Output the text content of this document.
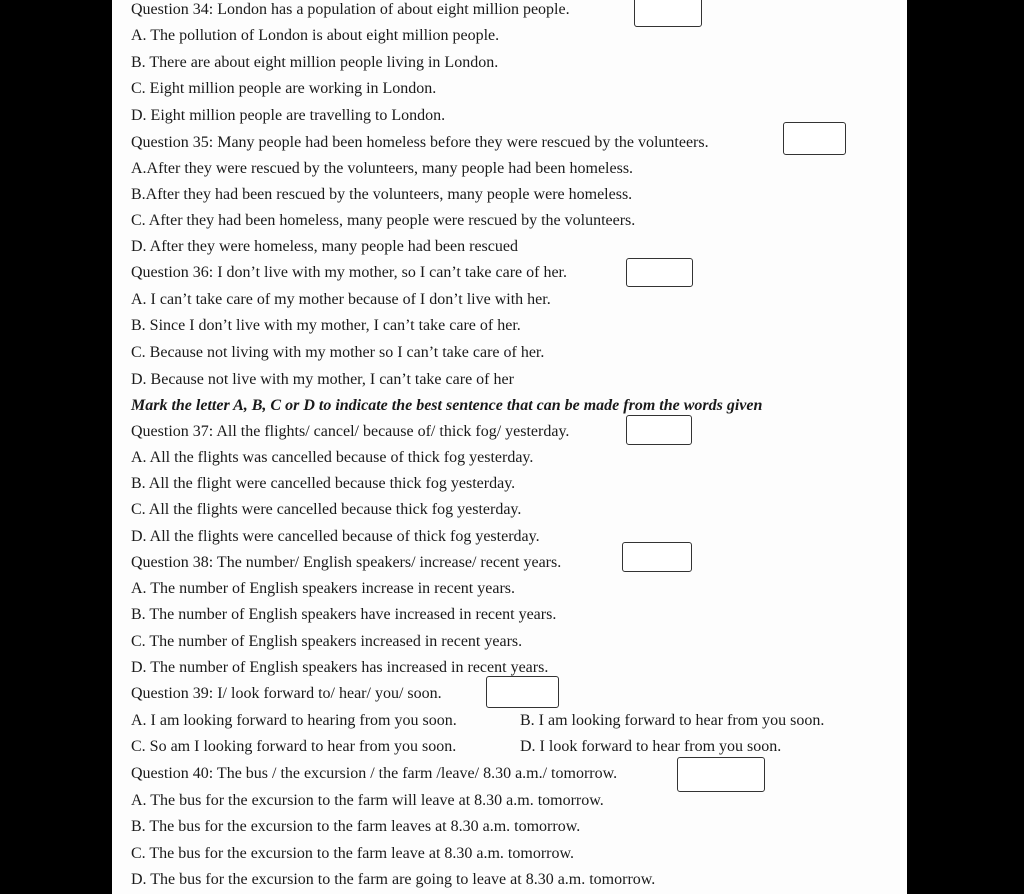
Question 34: London has a population of about eight million people.
A. The pollution of London is about eight million people.
B. There are about eight million people living in London.
C. Eight million people are working in London.
D. Eight million people are travelling to London.
Question 35: Many people had been homeless before they were rescued by the volunteers.
A.After they were rescued by the volunteers, many people had been homeless.
B.After they had been rescued by the volunteers, many people were homeless.
C. After they had been homeless, many people were rescued by the volunteers.
D. After they were homeless, many people had been rescued
Question 36: I don’t live with my mother, so I can’t take care of her.
A. I can’t take care of my mother because of I don’t live with her.
B. Since I don’t live with my mother, I can’t take care of her.
C. Because not living with my mother so I can’t take care of her.
D. Because not live with my mother, I can’t take care of her
Mark the letter A, B, C or D to indicate the best sentence that can be made from the words given
Question 37: All the flights/ cancel/ because of/ thick fog/ yesterday.
A. All the flights was cancelled because of thick fog yesterday.
B. All the flight were cancelled because thick fog yesterday.
C. All the flights were cancelled because thick fog yesterday.
D. All the flights were cancelled because of thick fog yesterday.
Question 38: The number/ English speakers/ increase/ recent years.
A. The number of English speakers increase in recent years.
B. The number of English speakers have increased in recent years.
C. The number of English speakers increased in recent years.
D. The number of English speakers has increased in recent years.
Question 39: I/ look forward to/ hear/ you/ soon.
A. I am looking forward to hearing from you soon.	B. I am looking forward to hear from you soon.
C. So am I looking forward to hear from you soon.	D. I look forward to hear from you soon.
Question 40: The bus / the excursion / the farm /leave/ 8.30 a.m./ tomorrow.
A. The bus for the excursion to the farm will leave at 8.30 a.m. tomorrow.
B. The bus for the excursion to the farm leaves at 8.30 a.m. tomorrow.
C. The bus for the excursion to the farm leave at 8.30 a.m. tomorrow.
D. The bus for the excursion to the farm are going to leave at 8.30 a.m. tomorrow.
